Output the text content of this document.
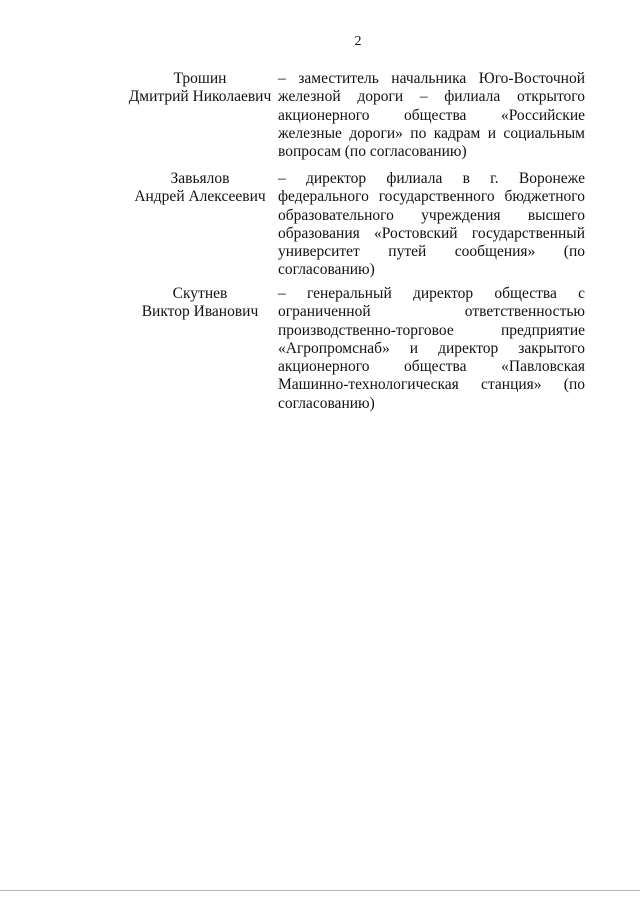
2
Трошин
Дмитрий Николаевич
– заместитель начальника Юго-Восточной
железной дороги – филиала открытого
акционерного общества «Российские
железные дороги» по кадрам и социальным
вопросам (по согласованию)
Завьялов
Андрей Алексеевич
– директор филиала в г. Воронеже
федерального государственного бюджетного
образовательного учреждения высшего
образования «Ростовский государственный
университет путей сообщения» (по
согласованию)
Скутнев
Виктор Иванович
– генеральный директор общества с
ограниченной ответственностью
производственно-торговое предприятие
«Агропромснаб» и директор закрытого
акционерного общества «Павловская
Машинно-технологическая станция» (по
согласованию)
